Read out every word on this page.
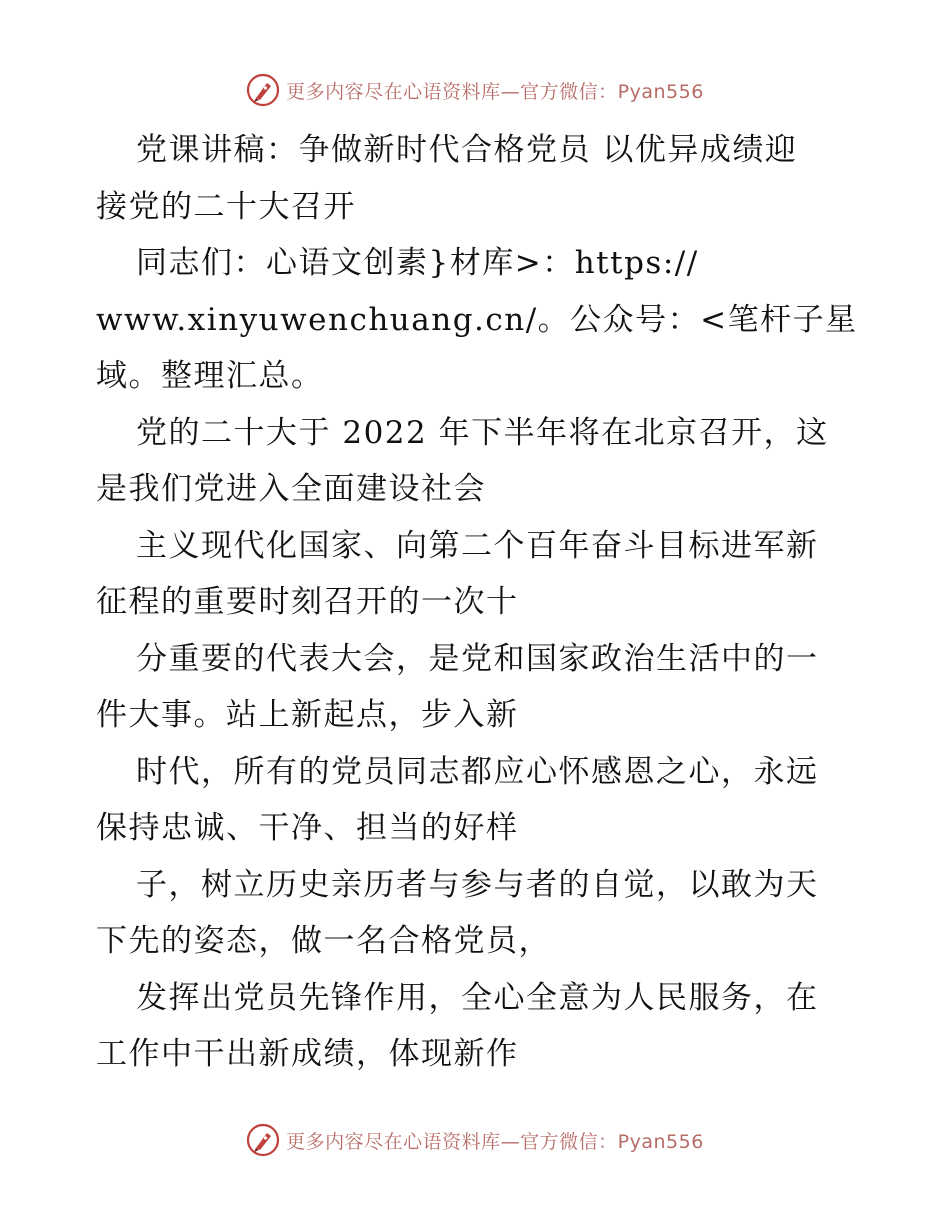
更多内容尽在心语资料库—官方微信：Pyan556
党课讲稿：争做新时代合格党员 以优异成绩迎
接党的二十大召开
同志们：心语文创素}材库>：https://
www.xinyuwenchuang.cn/。公众号：<笔杆子星
域。整理汇总。
党的二十大于 2022 年下半年将在北京召开，这
是我们党进入全面建设社会
主义现代化国家、向第二个百年奋斗目标进军新
征程的重要时刻召开的一次十
分重要的代表大会，是党和国家政治生活中的一
件大事。站上新起点，步入新
时代，所有的党员同志都应心怀感恩之心，永远
保持忠诚、干净、担当的好样
子，树立历史亲历者与参与者的自觉，以敢为天
下先的姿态，做一名合格党员，
发挥出党员先锋作用，全心全意为人民服务，在
工作中干出新成绩，体现新作
更多内容尽在心语资料库—官方微信：Pyan556
